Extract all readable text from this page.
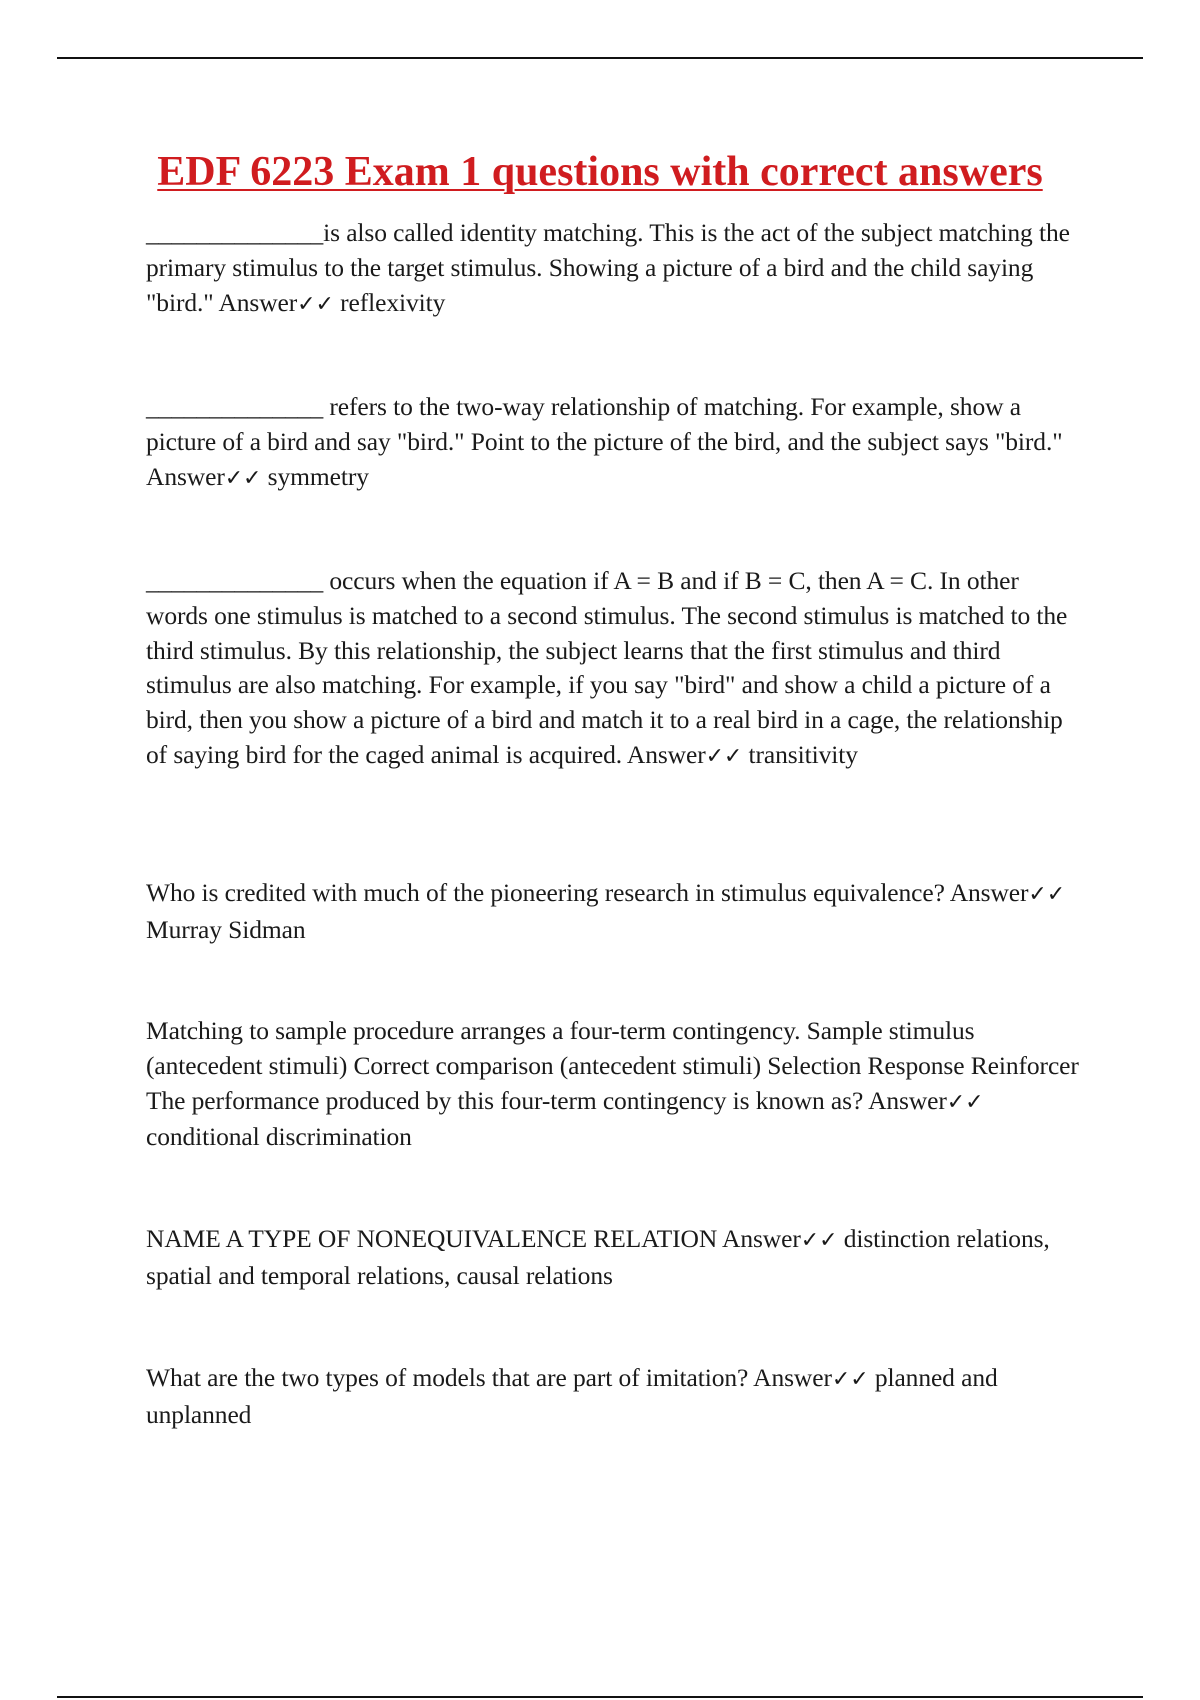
EDF 6223 Exam 1 questions with correct answers

______________is also called identity matching. This is the act of the subject matching the primary stimulus to the target stimulus. Showing a picture of a bird and the child saying "bird." Answer✓✓ reflexivity

______________ refers to the two-way relationship of matching. For example, show a picture of a bird and say "bird." Point to the picture of the bird, and the subject says "bird." Answer✓✓ symmetry

______________ occurs when the equation if A = B and if B = C, then A = C. In other words one stimulus is matched to a second stimulus. The second stimulus is matched to the third stimulus. By this relationship, the subject learns that the first stimulus and third stimulus are also matching. For example, if you say "bird" and show a child a picture of a bird, then you show a picture of a bird and match it to a real bird in a cage, the relationship of saying bird for the caged animal is acquired. Answer✓✓ transitivity

Who is credited with much of the pioneering research in stimulus equivalence? Answer✓✓ Murray Sidman

Matching to sample procedure arranges a four-term contingency. Sample stimulus (antecedent stimuli) Correct comparison (antecedent stimuli) Selection Response Reinforcer The performance produced by this four-term contingency is known as? Answer✓✓ conditional discrimination

NAME A TYPE OF NONEQUIVALENCE RELATION Answer✓✓ distinction relations, spatial and temporal relations, causal relations

What are the two types of models that are part of imitation? Answer✓✓ planned and unplanned
